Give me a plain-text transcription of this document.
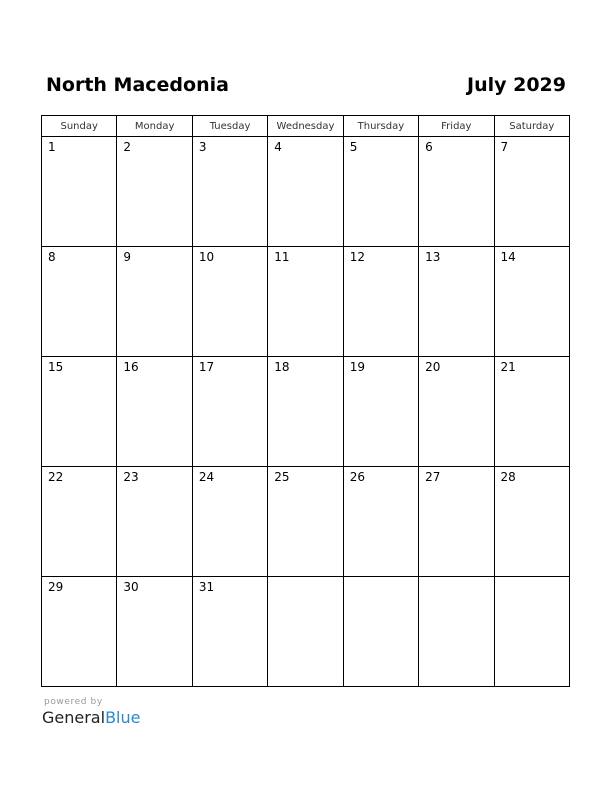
North Macedonia	July 2029
Sunday	Monday	Tuesday	Wednesday	Thursday	Friday	Saturday

1	2	3	4	5	6	7

8	9	10	11	12	13	14

15	16	17	18	19	20	21

22	23	24	25	26	27	28

29	30	31				

powered by
GeneralBlue
